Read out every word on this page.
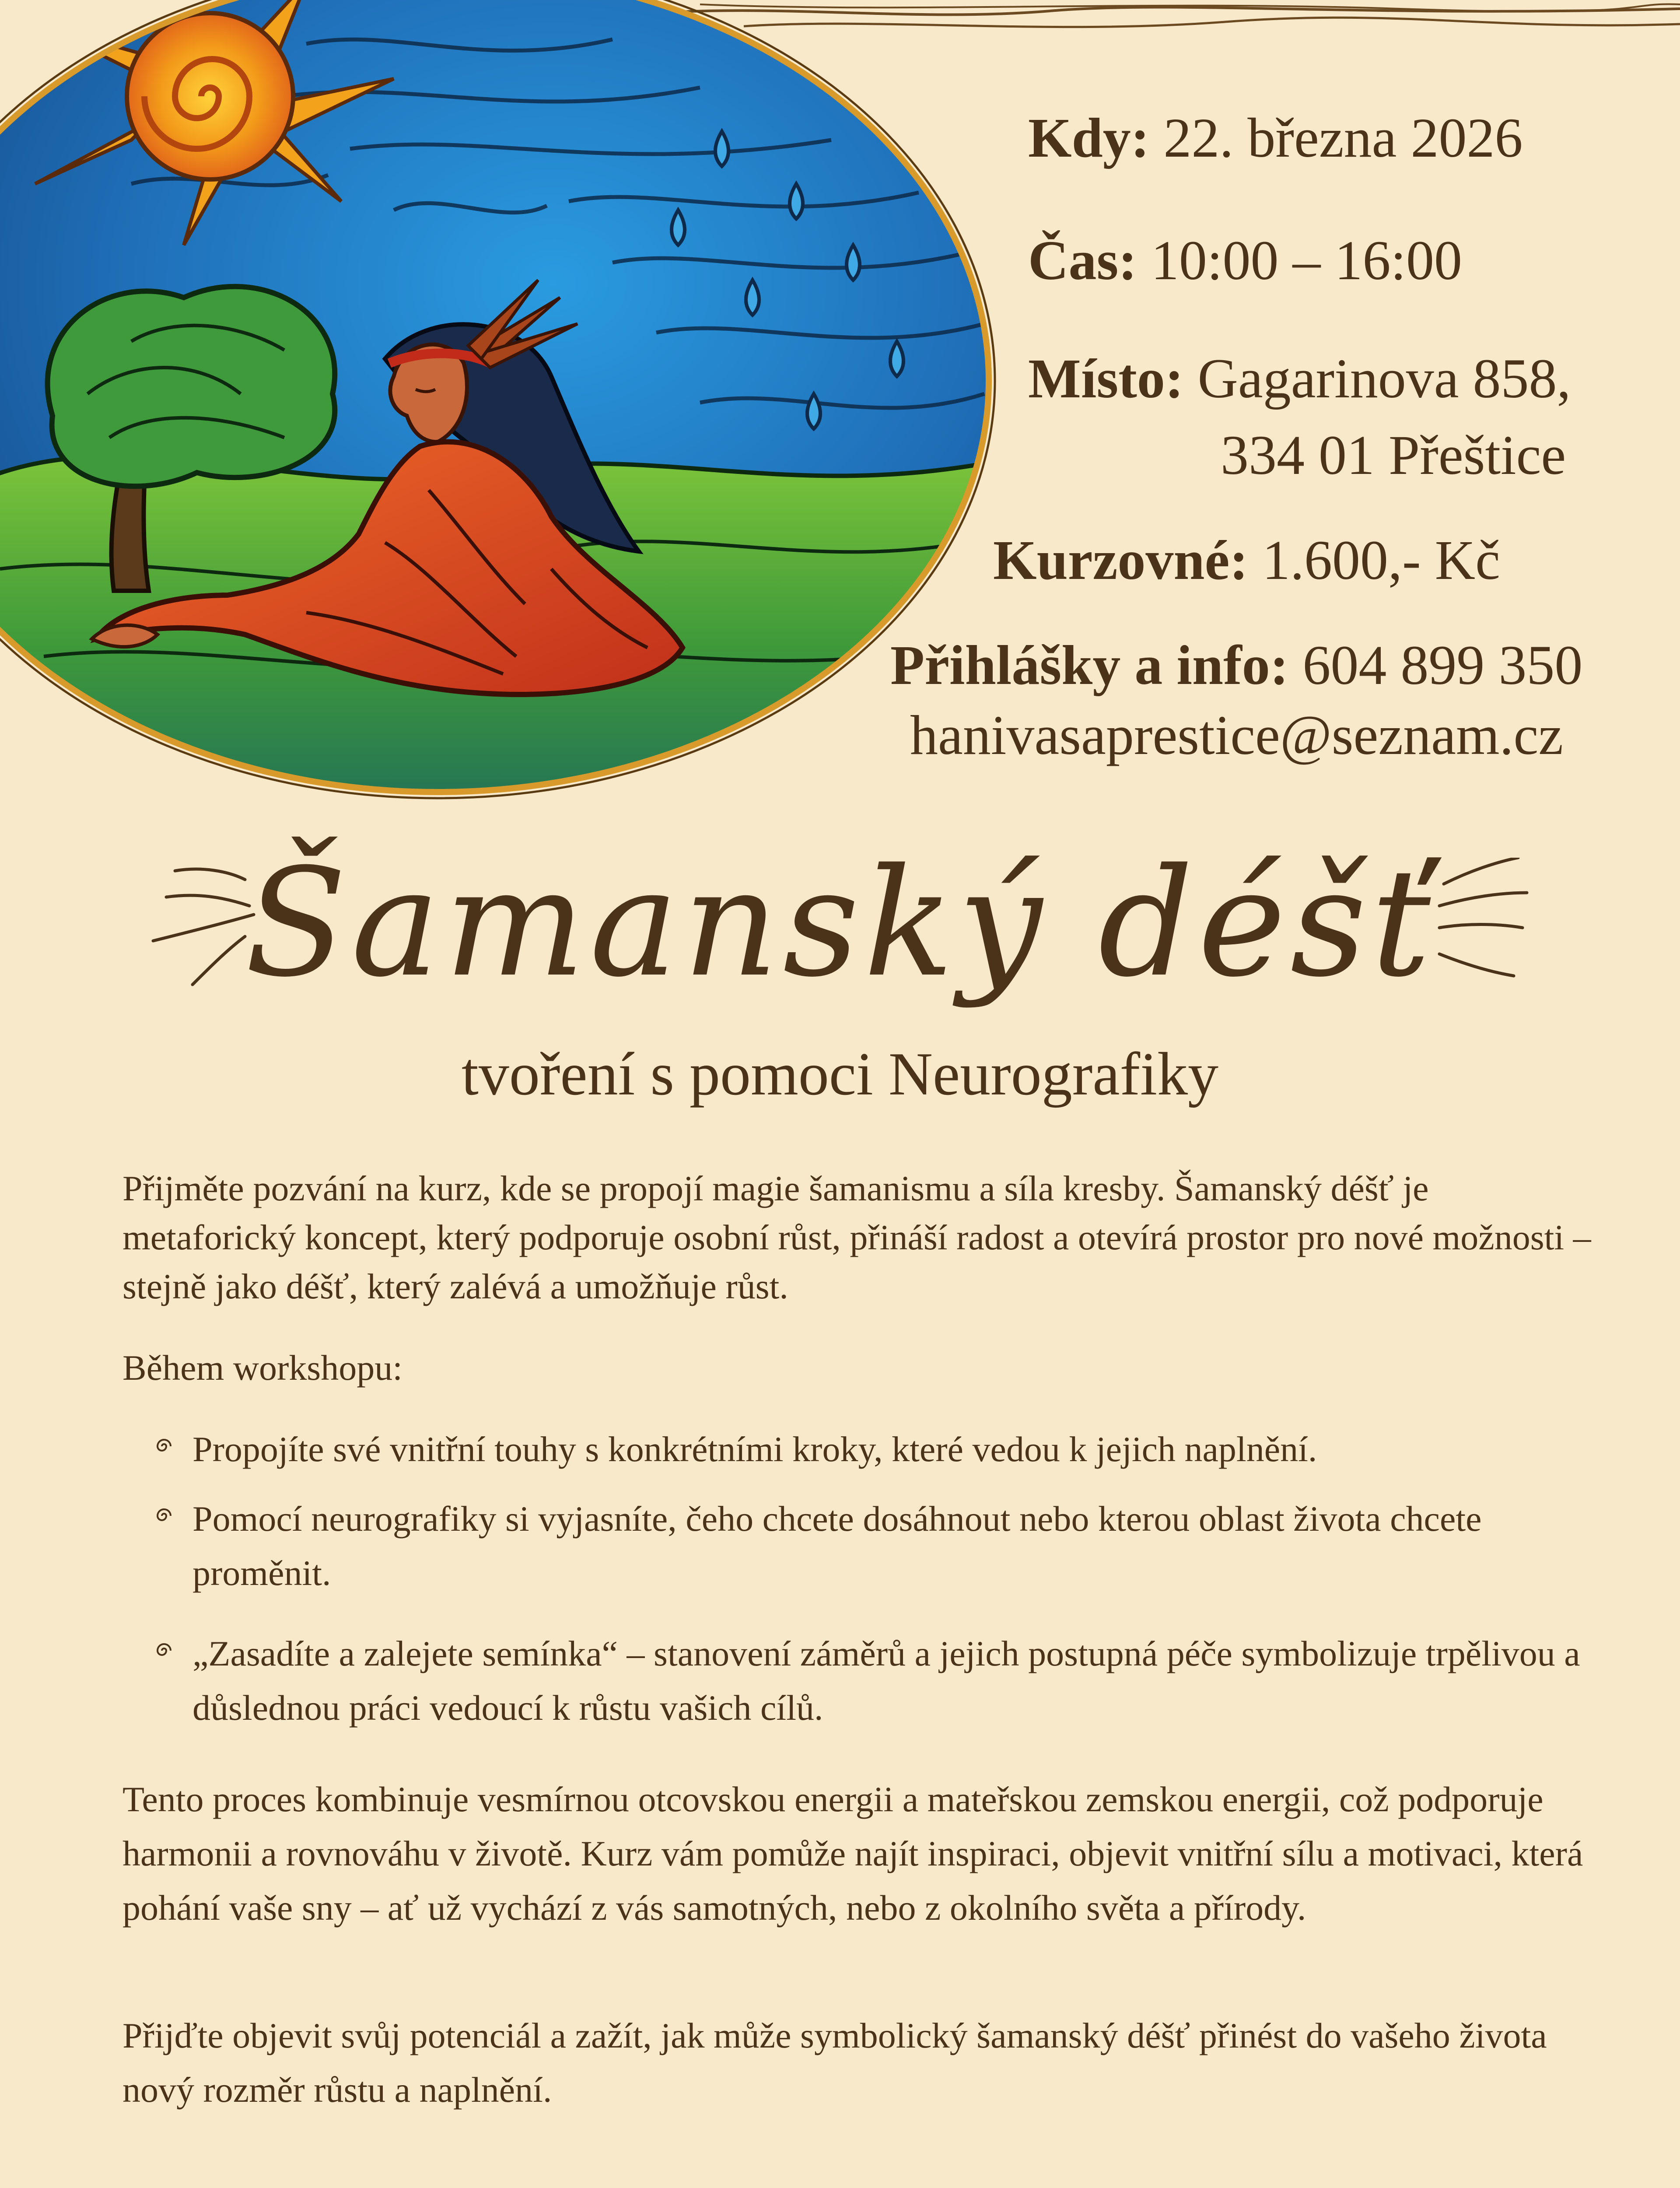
Kdy: 22. března 2026
Čas: 10:00 – 16:00
Místo: Gagarinova 858,
334 01 Přeštice
Kurzovné: 1.600,- Kč
Přihlášky a info: 604 899 350
hanivasaprestice@seznam.cz
Šamanský déšť
tvoření s pomoci Neurografiky
Přijměte pozvání na kurz, kde se propojí magie šamanismu a síla kresby. Šamanský déšť je metaforický koncept, který podporuje osobní růst, přináší radost a otevírá prostor pro nové možnosti – stejně jako déšť, který zalévá a umožňuje růst.
Během workshopu:
Propojíte své vnitřní touhy s konkrétními kroky, které vedou k jejich naplnění.
Pomocí neurografiky si vyjasníte, čeho chcete dosáhnout nebo kterou oblast života chcete proměnit.
„Zasadíte a zalejete semínka“ – stanovení záměrů a jejich postupná péče symbolizuje trpělivou a důslednou práci vedoucí k růstu vašich cílů.
Tento proces kombinuje vesmírnou otcovskou energii a mateřskou zemskou energii, což podporuje harmonii a rovnováhu v životě. Kurz vám pomůže najít inspiraci, objevit vnitřní sílu a motivaci, která pohání vaše sny – ať už vychází z vás samotných, nebo z okolního světa a přírody.
Přijďte objevit svůj potenciál a zažít, jak může symbolický šamanský déšť přinést do vašeho života nový rozměr růstu a naplnění.
